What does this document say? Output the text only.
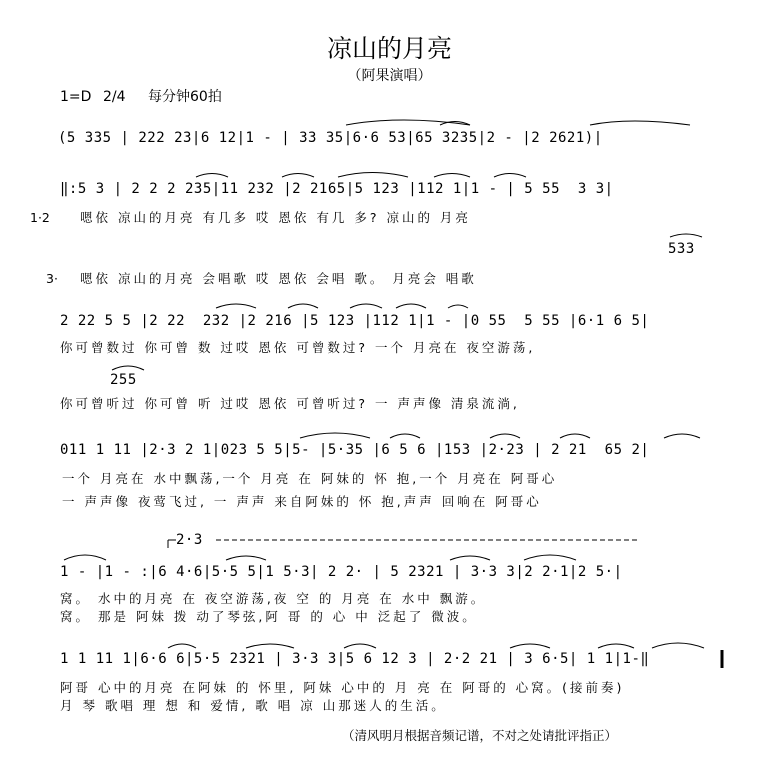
凉山的月亮
（阿果演唱）
1=D 2/4 每分钟60拍
(5 335 | 222 23|6 12|1 - | 33 35|6·6 53|65 3235|2 - |2 2621)|
‖:5 3 | 2 2 2 235|11 232 |2 2165|5 123 |112 1|1 - | 5 55  3 3|
1·2 嗯依 凉山的月亮 有几多 哎 恩依 有几 多? 凉山的 月亮
533
3· 嗯依 凉山的月亮 会唱歌 哎 恩依 会唱 歌。 月亮会 唱歌
2 22 5 5 |2 22  232 |2 216 |5 123 |112 1|1 - |0 55  5 55 |6·1 6 5|
你可曾数过 你可曾 数 过哎 恩依 可曾数过? 一个 月亮在 夜空游荡,
255
你可曾听过 你可曾 听 过哎 恩依 可曾听过? 一 声声像 清泉流淌,
011 1 11 |2·3 2 1|023 5 5|5- |5·35 |6 5 6 |153 |2·23 | 2 21  65 2|
一个 月亮在 水中飘荡,一个 月亮 在 阿妹的 怀 抱,一个 月亮在 阿哥心
一 声声像 夜莺飞过, 一 声声 来自阿妹的 怀 抱,声声 回响在 阿哥心
2·3
1 - |1 - :|6 4·6|5·5 5|1 5·3| 2 2· | 5 2321 | 3·3 3|2 2·1|2 5·|
窝。 水中的月亮 在 夜空游荡,夜 空 的 月亮 在 水中 飘游。
窝。 那是 阿妹 拨 动了琴弦,阿 哥 的 心 中 泛起了 微波。
1 1 11 1|6·6 6|5·5 2321 | 3·3 3|5 6 12 3 | 2·2 21 | 3 6·5| 1 1|1-‖
阿哥 心中的月亮 在阿妹 的 怀里, 阿妹 心中的 月 亮 在 阿哥的 心窝。(接前奏)
月 琴 歌唱 理 想 和 爱情, 歌 唱 凉 山那迷人的生活。
（清风明月根据音频记谱，不对之处请批评指正）
